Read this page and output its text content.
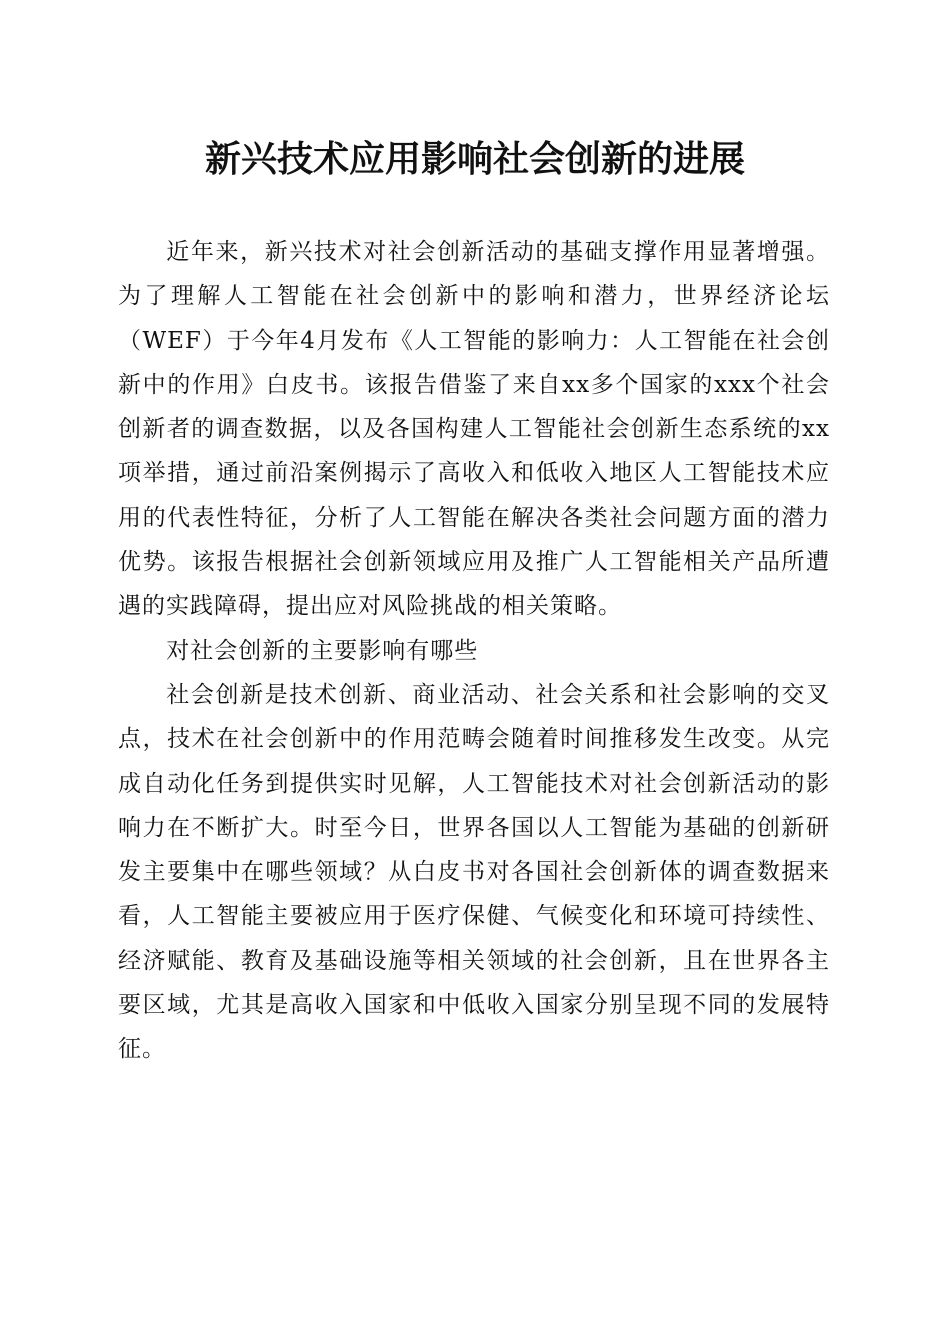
新兴技术应用影响社会创新的进展

近年来，新兴技术对社会创新活动的基础支撑作用显著增强。为了理解人工智能在社会创新中的影响和潜力，世界经济论坛（WEF）于今年4月发布《人工智能的影响力：人工智能在社会创新中的作用》白皮书。该报告借鉴了来自xx多个国家的xxx个社会创新者的调查数据，以及各国构建人工智能社会创新生态系统的xx项举措，通过前沿案例揭示了高收入和低收入地区人工智能技术应用的代表性特征，分析了人工智能在解决各类社会问题方面的潜力优势。该报告根据社会创新领域应用及推广人工智能相关产品所遭遇的实践障碍，提出应对风险挑战的相关策略。

对社会创新的主要影响有哪些

社会创新是技术创新、商业活动、社会关系和社会影响的交叉点，技术在社会创新中的作用范畴会随着时间推移发生改变。从完成自动化任务到提供实时见解，人工智能技术对社会创新活动的影响力在不断扩大。时至今日，世界各国以人工智能为基础的创新研发主要集中在哪些领域？从白皮书对各国社会创新体的调查数据来看，人工智能主要被应用于医疗保健、气候变化和环境可持续性、经济赋能、教育及基础设施等相关领域的社会创新，且在世界各主要区域，尤其是高收入国家和中低收入国家分别呈现不同的发展特征。
